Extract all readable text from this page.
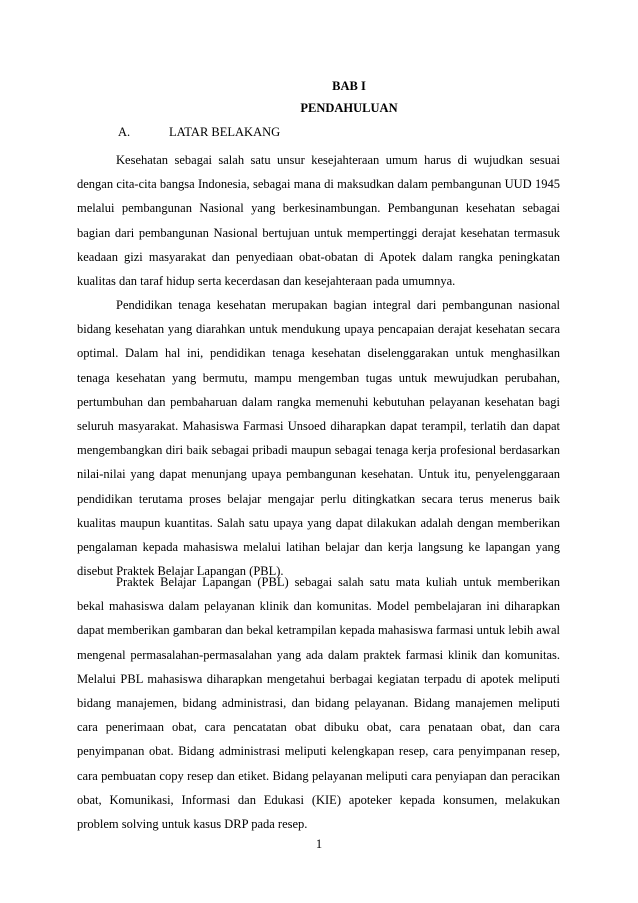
BAB I
PENDAHULUAN
A.	LATAR BELAKANG

Kesehatan sebagai salah satu unsur kesejahteraan umum harus di wujudkan sesuai dengan cita-cita bangsa Indonesia, sebagai mana di maksudkan dalam pembangunan UUD 1945 melalui pembangunan Nasional yang berkesinambungan. Pembangunan kesehatan sebagai bagian dari pembangunan Nasional bertujuan untuk mempertinggi derajat kesehatan termasuk keadaan gizi masyarakat dan penyediaan obat-obatan di Apotek dalam rangka peningkatan kualitas dan taraf hidup serta kecerdasan dan kesejahteraan pada umumnya.

Pendidikan tenaga kesehatan merupakan bagian integral dari pembangunan nasional bidang kesehatan yang diarahkan untuk mendukung upaya pencapaian derajat kesehatan secara optimal. Dalam hal ini, pendidikan tenaga kesehatan diselenggarakan untuk menghasilkan tenaga kesehatan yang bermutu, mampu mengemban tugas untuk mewujudkan perubahan, pertumbuhan dan pembaharuan dalam rangka memenuhi kebutuhan pelayanan kesehatan bagi seluruh masyarakat. Mahasiswa Farmasi Unsoed diharapkan dapat terampil, terlatih dan dapat mengembangkan diri baik sebagai pribadi maupun sebagai tenaga kerja profesional berdasarkan nilai-nilai yang dapat menunjang upaya pembangunan kesehatan. Untuk itu, penyelenggaraan pendidikan terutama proses belajar mengajar perlu ditingkatkan secara terus menerus baik kualitas maupun kuantitas. Salah satu upaya yang dapat dilakukan adalah dengan memberikan pengalaman kepada mahasiswa melalui latihan belajar dan kerja langsung ke lapangan yang disebut Praktek Belajar Lapangan (PBL).

Praktek Belajar Lapangan (PBL) sebagai salah satu mata kuliah untuk memberikan bekal mahasiswa dalam pelayanan klinik dan komunitas. Model pembelajaran ini diharapkan dapat memberikan gambaran dan bekal ketrampilan kepada mahasiswa farmasi untuk lebih awal mengenal permasalahan-permasalahan yang ada dalam praktek farmasi klinik dan komunitas. Melalui PBL mahasiswa diharapkan mengetahui berbagai kegiatan terpadu di apotek meliputi bidang manajemen, bidang administrasi, dan bidang pelayanan. Bidang manajemen meliputi cara penerimaan obat, cara pencatatan obat dibuku obat, cara penataan obat, dan cara penyimpanan obat. Bidang administrasi meliputi kelengkapan resep, cara penyimpanan resep, cara pembuatan copy resep dan etiket. Bidang pelayanan meliputi cara penyiapan dan peracikan obat, Komunikasi, Informasi dan Edukasi (KIE) apoteker kepada konsumen, melakukan problem solving untuk kasus DRP pada resep.

1
